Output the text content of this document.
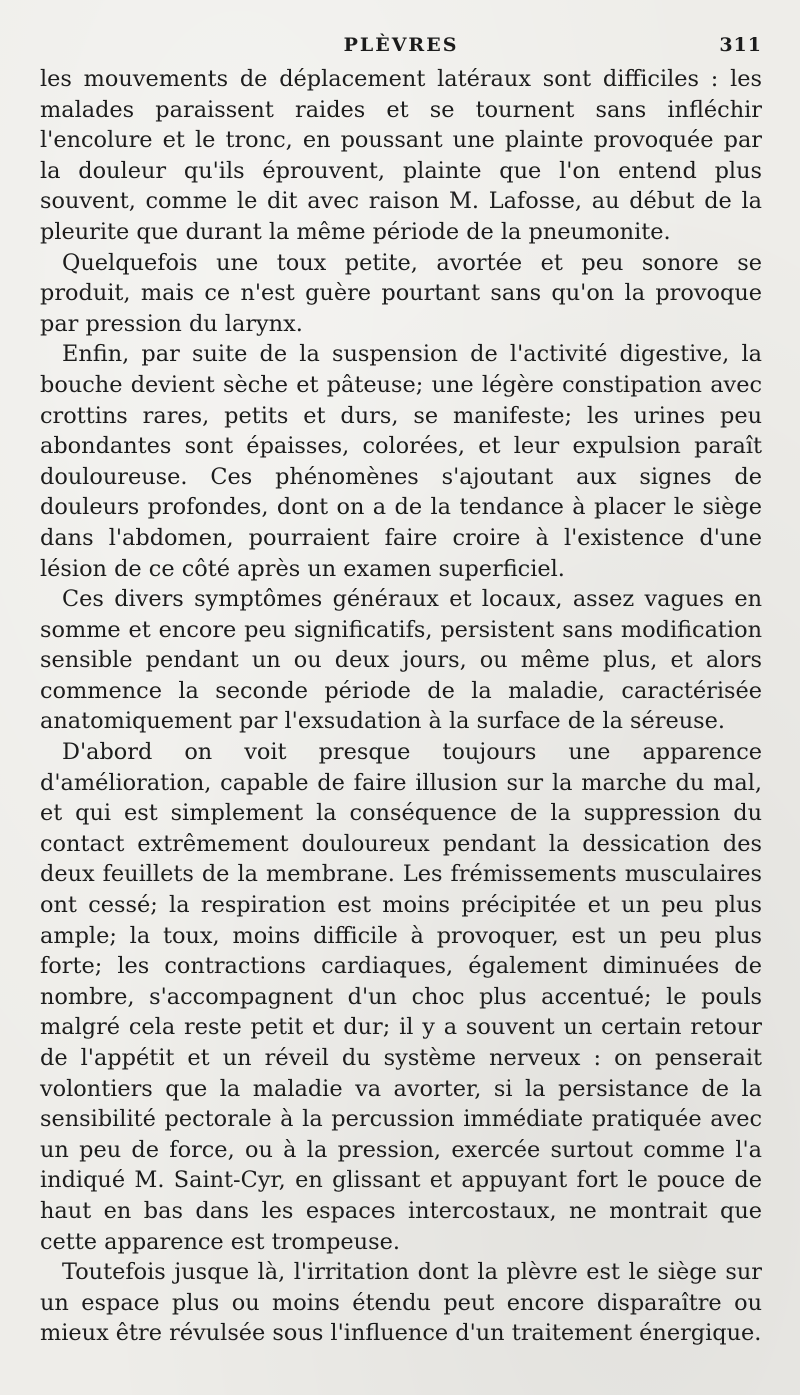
PLÈVRES	311

les mouvements de déplacement latéraux sont difficiles : les malades paraissent raides et se tournent sans infléchir l'encolure et le tronc, en poussant une plainte provoquée par la douleur qu'ils éprouvent, plainte que l'on entend plus souvent, comme le dit avec raison M. Lafosse, au début de la pleurite que durant la même période de la pneumonite.

Quelquefois une toux petite, avortée et peu sonore se produit, mais ce n'est guère pourtant sans qu'on la provoque par pression du larynx.

Enfin, par suite de la suspension de l'activité digestive, la bouche devient sèche et pâteuse; une légère constipation avec crottins rares, petits et durs, se manifeste; les urines peu abondantes sont épaisses, colorées, et leur expulsion paraît douloureuse. Ces phénomènes s'ajoutant aux signes de douleurs profondes, dont on a de la tendance à placer le siège dans l'abdomen, pourraient faire croire à l'existence d'une lésion de ce côté après un examen superficiel.

Ces divers symptômes généraux et locaux, assez vagues en somme et encore peu significatifs, persistent sans modification sensible pendant un ou deux jours, ou même plus, et alors commence la seconde période de la maladie, caractérisée anatomiquement par l'exsudation à la surface de la séreuse.

D'abord on voit presque toujours une apparence d'amélioration, capable de faire illusion sur la marche du mal, et qui est simplement la conséquence de la suppression du contact extrêmement douloureux pendant la dessication des deux feuillets de la membrane. Les frémissements musculaires ont cessé; la respiration est moins précipitée et un peu plus ample; la toux, moins difficile à provoquer, est un peu plus forte; les contractions cardiaques, également diminuées de nombre, s'accompagnent d'un choc plus accentué; le pouls malgré cela reste petit et dur; il y a souvent un certain retour de l'appétit et un réveil du système nerveux : on penserait volontiers que la maladie va avorter, si la persistance de la sensibilité pectorale à la percussion immédiate pratiquée avec un peu de force, ou à la pression, exercée surtout comme l'a indiqué M. Saint-Cyr, en glissant et appuyant fort le pouce de haut en bas dans les espaces intercostaux, ne montrait que cette apparence est trompeuse.

Toutefois jusque là, l'irritation dont la plèvre est le siège sur un espace plus ou moins étendu peut encore disparaître ou mieux être révulsée sous l'influence d'un traitement énergique.
